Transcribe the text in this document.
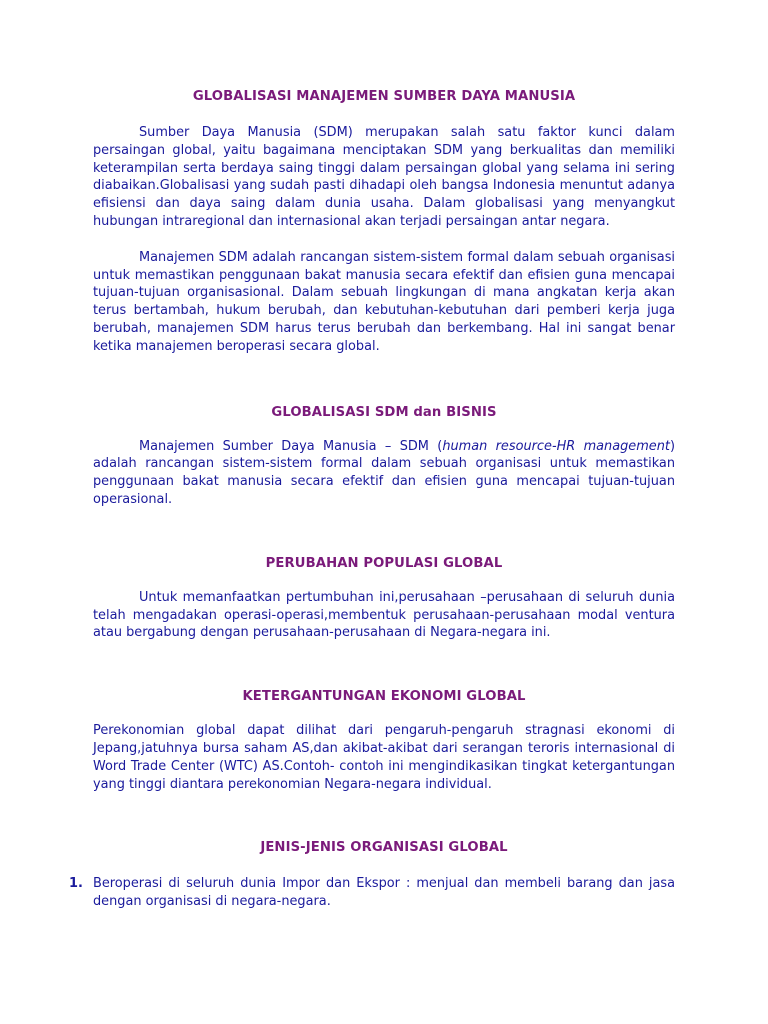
GLOBALISASI MANAJEMEN SUMBER DAYA MANUSIA

Sumber Daya Manusia (SDM) merupakan salah satu faktor kunci dalam persaingan global, yaitu bagaimana menciptakan SDM yang berkualitas dan memiliki keterampilan serta berdaya saing tinggi dalam persaingan global yang selama ini sering diabaikan.Globalisasi yang sudah pasti dihadapi oleh bangsa Indonesia menuntut adanya efisiensi dan daya saing dalam dunia usaha. Dalam globalisasi yang menyangkut hubungan intraregional dan internasional akan terjadi persaingan antar negara.

Manajemen SDM adalah rancangan sistem-sistem formal dalam sebuah organisasi untuk memastikan penggunaan bakat manusia secara efektif dan efisien guna mencapai tujuan-tujuan organisasional. Dalam sebuah lingkungan di mana angkatan kerja akan terus bertambah, hukum berubah, dan kebutuhan-kebutuhan dari pemberi kerja juga berubah, manajemen SDM harus terus berubah dan berkembang. Hal ini sangat benar ketika manajemen beroperasi secara global.

GLOBALISASI SDM dan BISNIS

Manajemen Sumber Daya Manusia – SDM (human resource-HR management) adalah rancangan sistem-sistem formal dalam sebuah organisasi untuk memastikan penggunaan bakat manusia secara efektif dan efisien guna mencapai tujuan-tujuan operasional.

PERUBAHAN POPULASI GLOBAL

Untuk memanfaatkan pertumbuhan ini,perusahaan –perusahaan di seluruh dunia telah mengadakan operasi-operasi,membentuk perusahaan-perusahaan modal ventura atau bergabung dengan perusahaan-perusahaan di Negara-negara ini.

KETERGANTUNGAN EKONOMI GLOBAL

Perekonomian global dapat dilihat dari pengaruh-pengaruh stragnasi ekonomi di Jepang,jatuhnya bursa saham AS,dan akibat-akibat dari serangan teroris internasional di Word Trade Center (WTC) AS.Contoh- contoh ini mengindikasikan tingkat ketergantungan yang tinggi diantara perekonomian Negara-negara individual.

JENIS-JENIS ORGANISASI GLOBAL
1. Beroperasi di seluruh dunia Impor dan Ekspor : menjual dan membeli barang dan jasa dengan organisasi di negara-negara.
